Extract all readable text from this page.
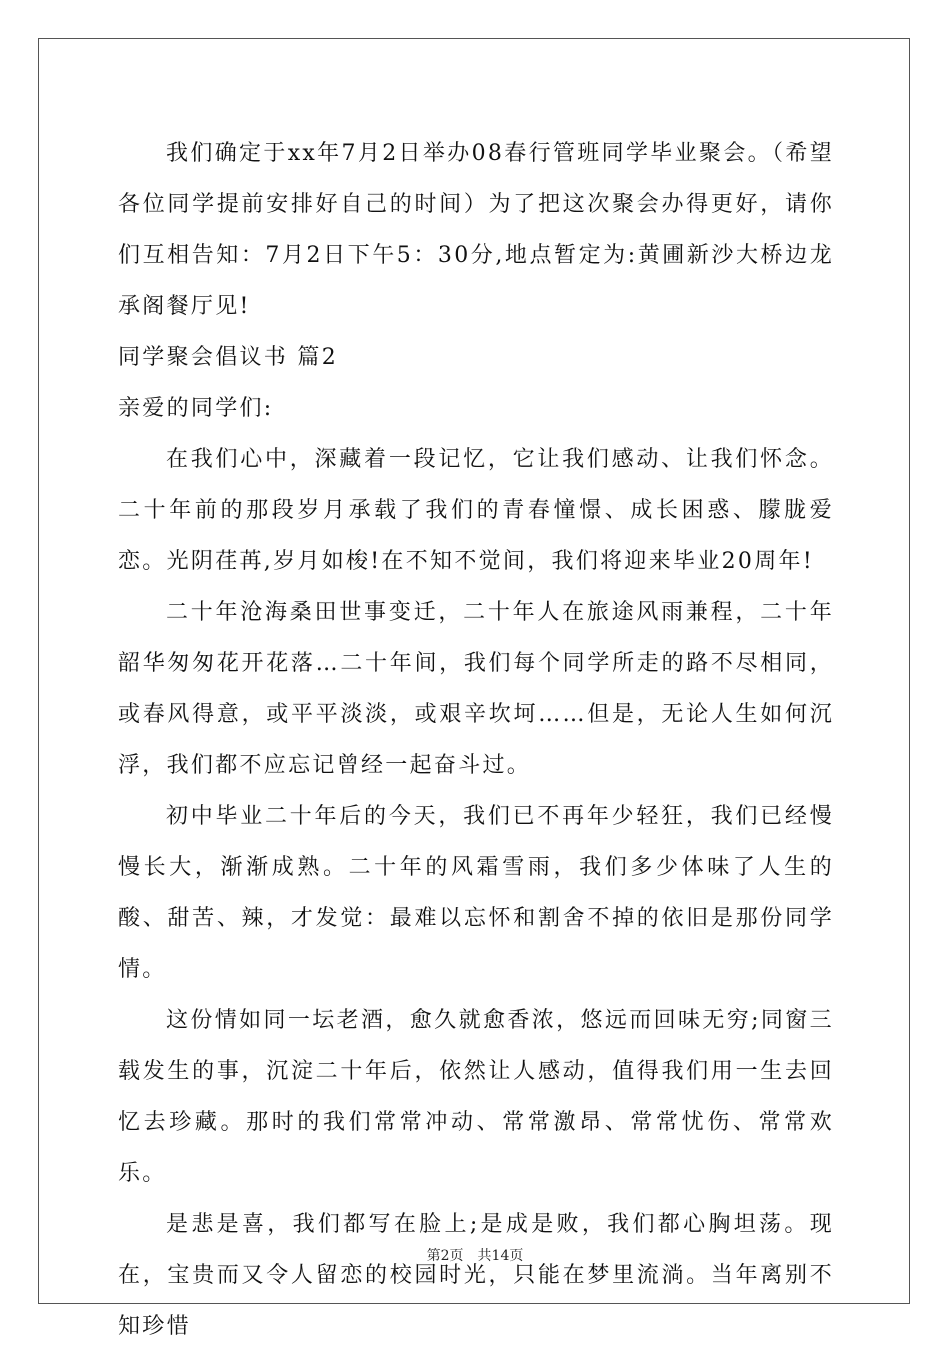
我们确定于xx年7月2日举办08春行管班同学毕业聚会。（希望各位同学提前安排好自己的时间）为了把这次聚会办得更好，请你们互相告知：7月2日下午5：30分,地点暂定为:黄圃新沙大桥边龙承阁餐厅见!

同学聚会倡议书 篇2

亲爱的同学们:

在我们心中，深藏着一段记忆，它让我们感动、让我们怀念。二十年前的那段岁月承载了我们的青春憧憬、成长困惑、朦胧爱恋。光阴荏苒,岁月如梭!在不知不觉间，我们将迎来毕业20周年!

二十年沧海桑田世事变迁，二十年人在旅途风雨兼程，二十年韶华匆匆花开花落…二十年间，我们每个同学所走的路不尽相同，或春风得意，或平平淡淡，或艰辛坎坷……但是，无论人生如何沉浮，我们都不应忘记曾经一起奋斗过。

初中毕业二十年后的今天，我们已不再年少轻狂，我们已经慢慢长大，渐渐成熟。二十年的风霜雪雨，我们多少体味了人生的酸、甜苦、辣，才发觉：最难以忘怀和割舍不掉的依旧是那份同学情。

这份情如同一坛老酒，愈久就愈香浓，悠远而回味无穷;同窗三载发生的事，沉淀二十年后，依然让人感动，值得我们用一生去回忆去珍藏。那时的我们常常冲动、常常激昂、常常忧伤、常常欢乐。

是悲是喜，我们都写在脸上;是成是败，我们都心胸坦荡。现在，宝贵而又令人留恋的校园时光，只能在梦里流淌。当年离别不知珍惜

第2页 共14页
